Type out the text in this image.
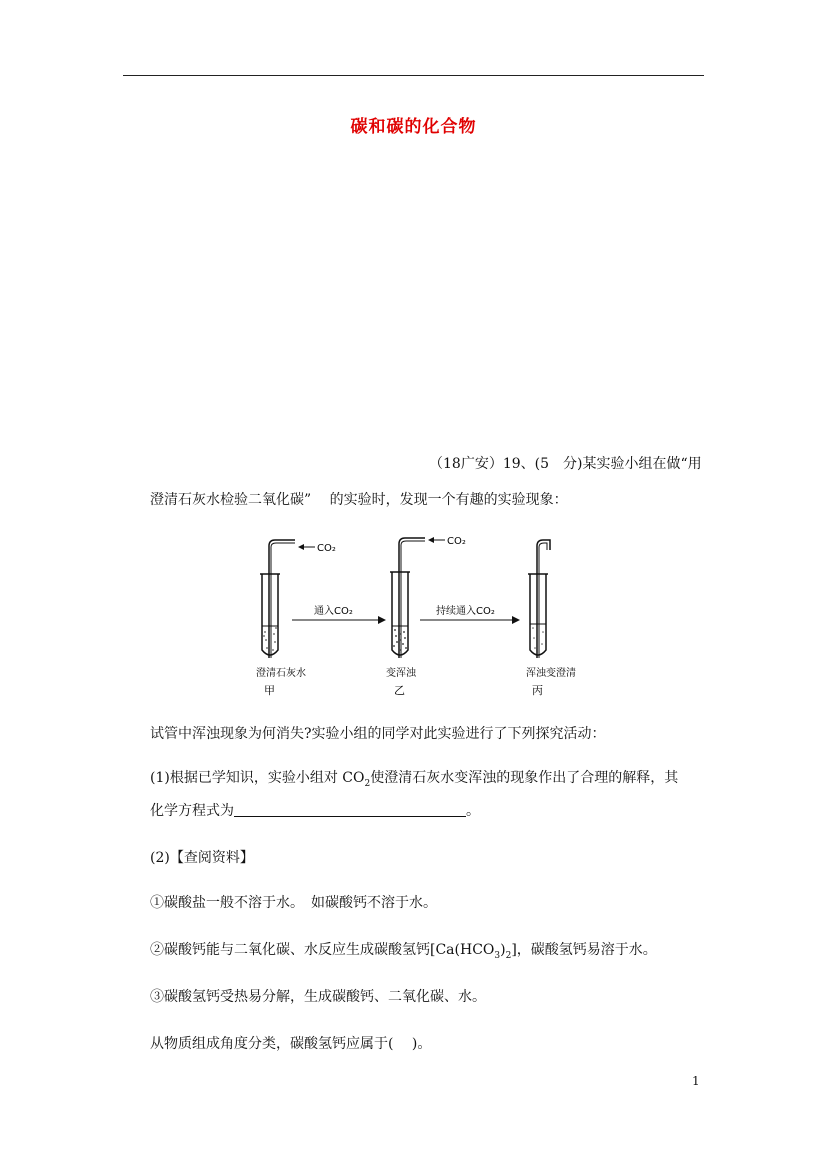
碳和碳的化合物
（18广安）19、(5　分)某实验小组在做“用
澄清石灰水检验二氧化碳”　 的实验时，发现一个有趣的实验现象：
CO₂
澄清石灰水
甲
通入CO₂
CO₂
变浑浊
乙
持续通入CO₂
浑浊变澄清
丙
试管中浑浊现象为何消失?实验小组的同学对此实验进行了下列探究活动：
(1)根据已学知识，实验小组对 $CO_2$使澄清石灰水变浑浊的现象作出了合理的解释，其
化学方程式为	。
(2)【查阅资料】
①碳酸盐一般不溶于水。　如碳酸钙不溶于水。
②碳酸钙能与二氧化碳、水反应生成碳酸氢钙$[Ca(HCO_3)_2]$，碳酸氢钙易溶于水。
③碳酸氢钙受热易分解，生成碳酸钙、二氧化碳、水。
从物质组成角度分类，碳酸氢钙应属于(　 )。
1
